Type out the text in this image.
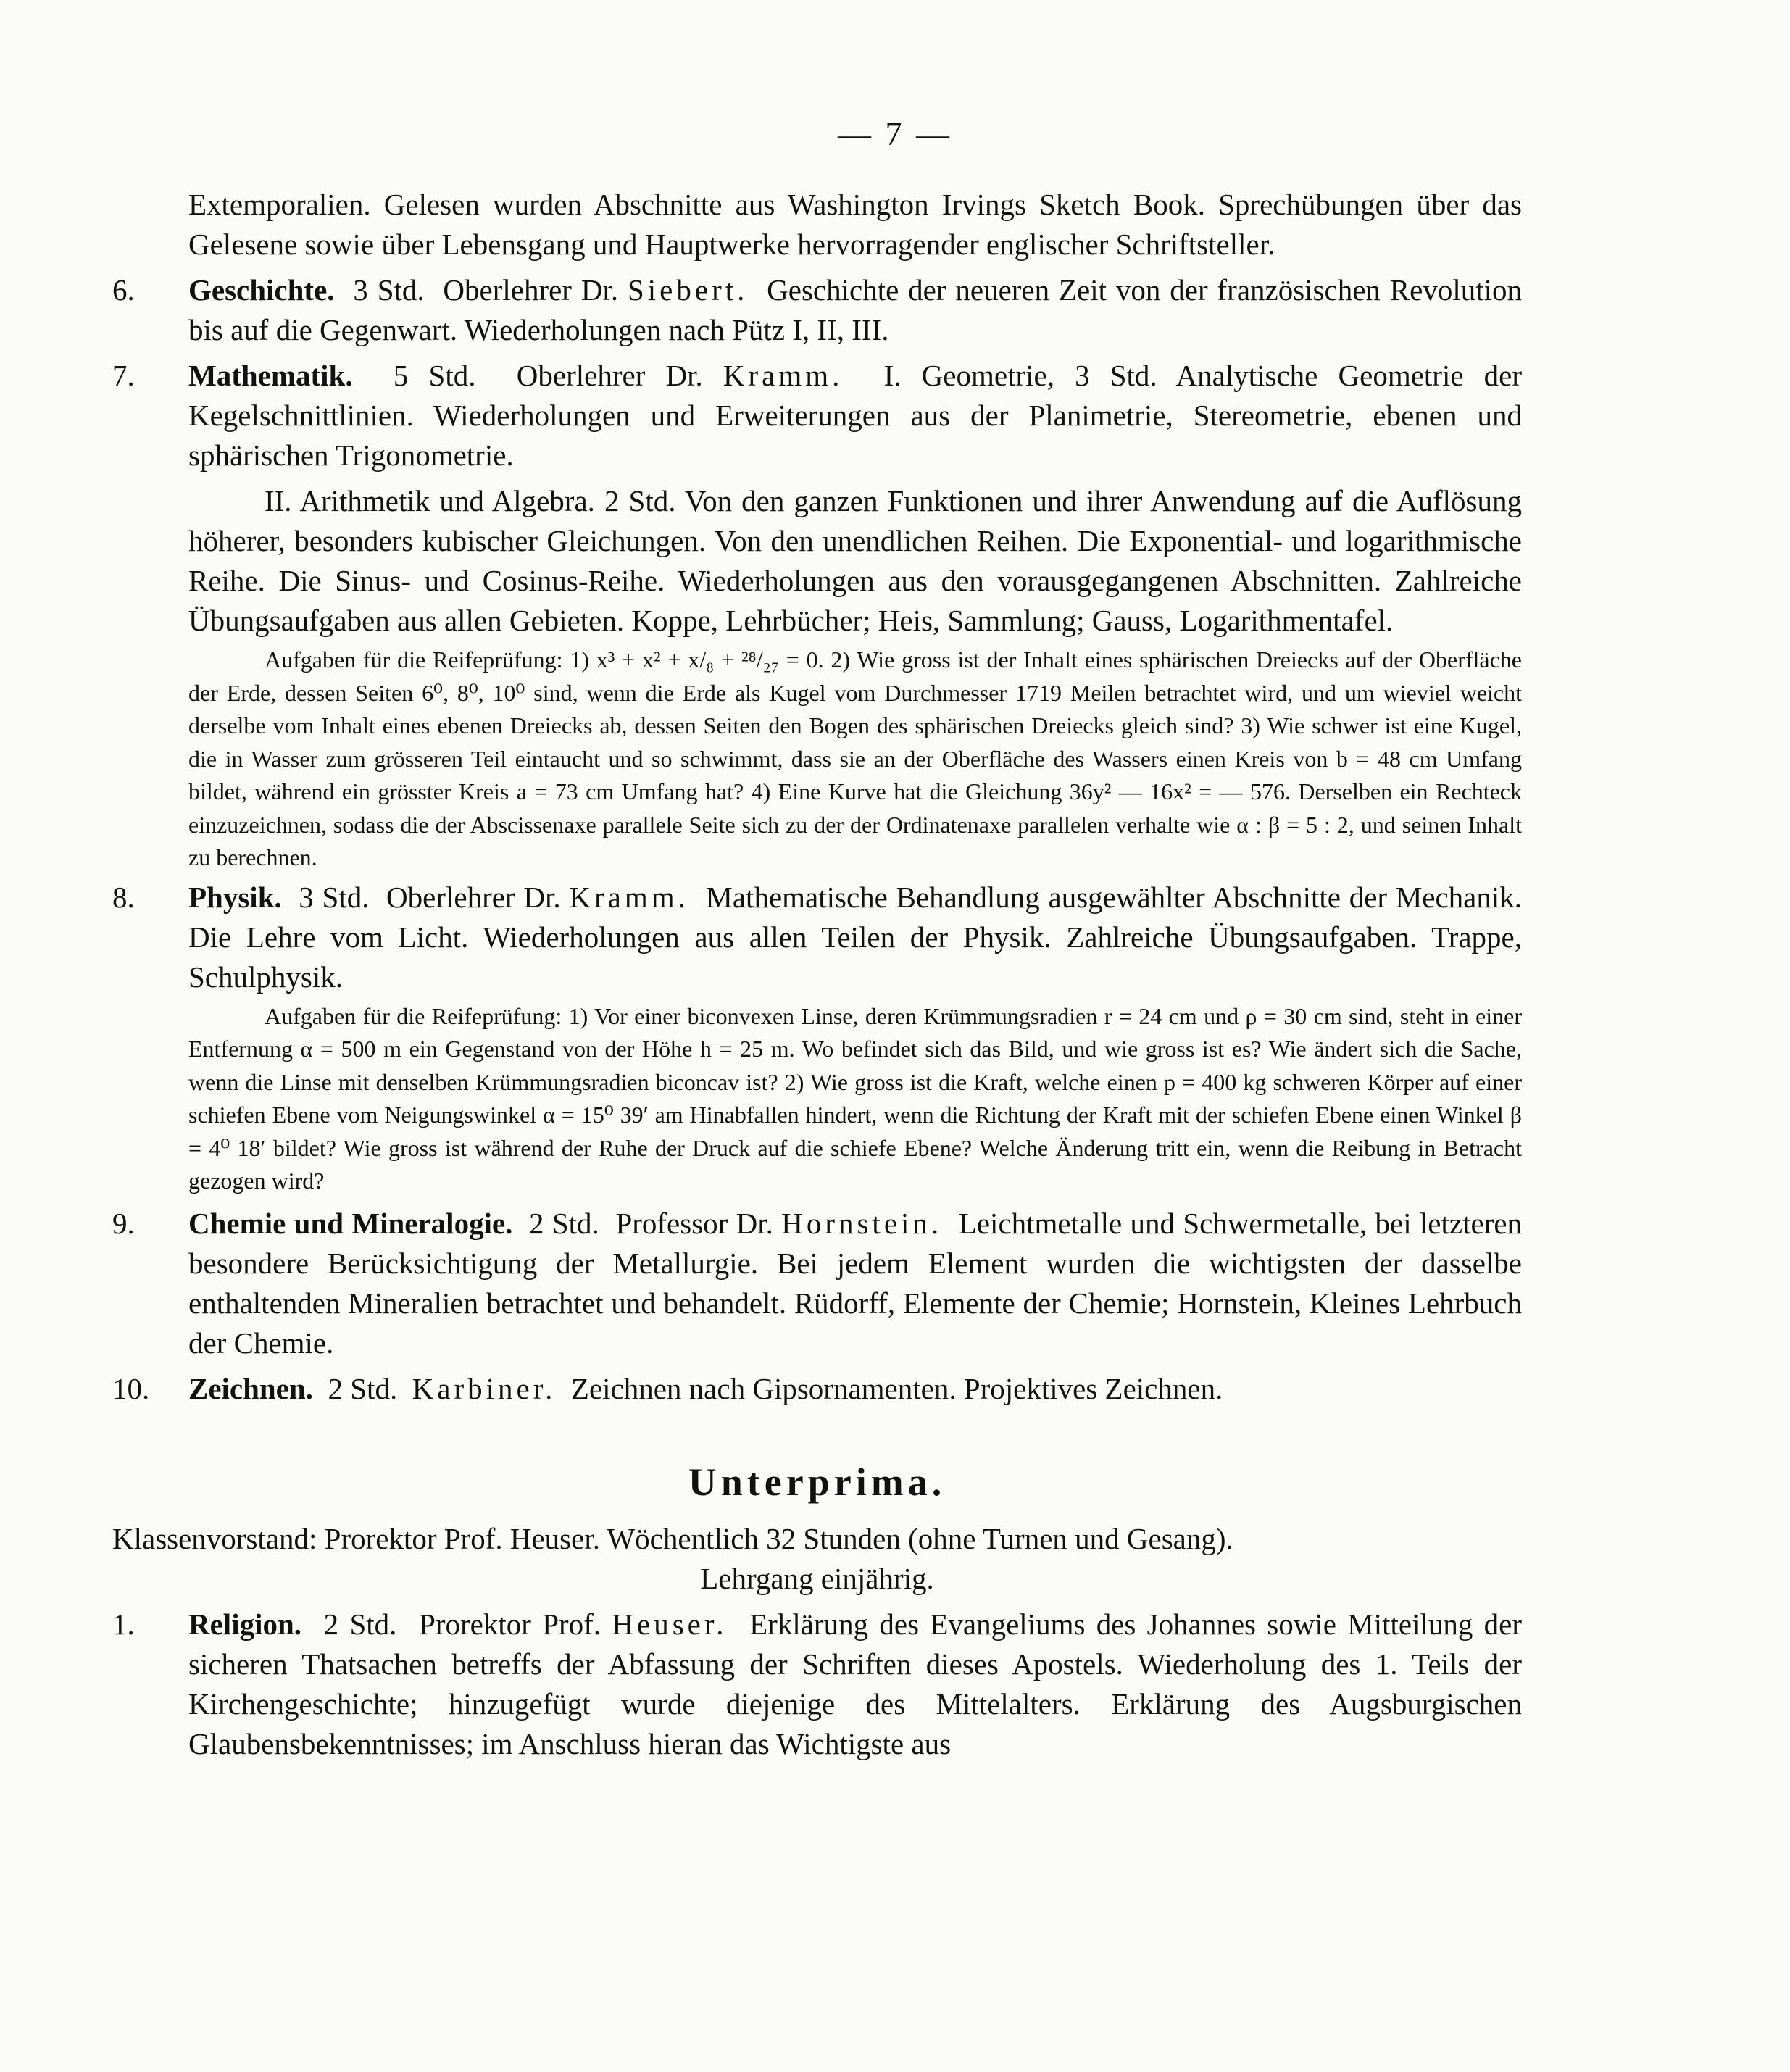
— 7 —

Extemporalien. Gelesen wurden Abschnitte aus Washington Irvings Sketch Book. Sprechübungen über das Gelesene sowie über Lebensgang und Hauptwerke hervorragender englischer Schriftsteller.

6. Geschichte. 3 Std. Oberlehrer Dr. Siebert. Geschichte der neueren Zeit von der französischen Revolution bis auf die Gegenwart. Wiederholungen nach Pütz I, II, III.

7. Mathematik. 5 Std. Oberlehrer Dr. Kramm. I. Geometrie, 3 Std. Analytische Geometrie der Kegelschnittlinien. Wiederholungen und Erweiterungen aus der Planimetrie, Stereometrie, ebenen und sphärischen Trigonometrie.

II. Arithmetik und Algebra. 2 Std. Von den ganzen Funktionen und ihrer Anwendung auf die Auflösung höherer, besonders kubischer Gleichungen. Von den unendlichen Reihen. Die Exponential- und logarithmische Reihe. Die Sinus- und Cosinus-Reihe. Wiederholungen aus den vorausgegangenen Abschnitten. Zahlreiche Übungsaufgaben aus allen Gebieten. Koppe, Lehrbücher; Heis, Sammlung; Gauss, Logarithmentafel.

Aufgaben für die Reifeprüfung: 1) x³ + x² + x/₈ + ²⁸/₂₇ = 0. 2) Wie gross ist der Inhalt eines sphärischen Dreiecks auf der Oberfläche der Erde, dessen Seiten 6⁰, 8⁰, 10⁰ sind, wenn die Erde als Kugel vom Durchmesser 1719 Meilen betrachtet wird, und um wieviel weicht derselbe vom Inhalt eines ebenen Dreiecks ab, dessen Seiten den Bogen des sphärischen Dreiecks gleich sind? 3) Wie schwer ist eine Kugel, die in Wasser zum grösseren Teil eintaucht und so schwimmt, dass sie an der Oberfläche des Wassers einen Kreis von b = 48 cm Umfang bildet, während ein grösster Kreis a = 73 cm Umfang hat? 4) Eine Kurve hat die Gleichung 36y² — 16x² = — 576. Derselben ein Rechteck einzuzeichnen, sodass die der Abscissenaxe parallele Seite sich zu der der Ordinatenaxe parallelen verhalte wie α : β = 5 : 2, und seinen Inhalt zu berechnen.

8. Physik. 3 Std. Oberlehrer Dr. Kramm. Mathematische Behandlung ausgewählter Abschnitte der Mechanik. Die Lehre vom Licht. Wiederholungen aus allen Teilen der Physik. Zahlreiche Übungsaufgaben. Trappe, Schulphysik.

Aufgaben für die Reifeprüfung: 1) Vor einer biconvexen Linse, deren Krümmungsradien r = 24 cm und ρ = 30 cm sind, steht in einer Entfernung α = 500 m ein Gegenstand von der Höhe h = 25 m. Wo befindet sich das Bild, und wie gross ist es? Wie ändert sich die Sache, wenn die Linse mit denselben Krümmungsradien biconcav ist? 2) Wie gross ist die Kraft, welche einen p = 400 kg schweren Körper auf einer schiefen Ebene vom Neigungswinkel α = 15⁰ 39′ am Hinabfallen hindert, wenn die Richtung der Kraft mit der schiefen Ebene einen Winkel β = 4⁰ 18′ bildet? Wie gross ist während der Ruhe der Druck auf die schiefe Ebene? Welche Änderung tritt ein, wenn die Reibung in Betracht gezogen wird?

9. Chemie und Mineralogie. 2 Std. Professor Dr. Hornstein. Leichtmetalle und Schwermetalle, bei letzteren besondere Berücksichtigung der Metallurgie. Bei jedem Element wurden die wichtigsten der dasselbe enthaltenden Mineralien betrachtet und behandelt. Rüdorff, Elemente der Chemie; Hornstein, Kleines Lehrbuch der Chemie.

10. Zeichnen. 2 Std. Karbiner. Zeichnen nach Gipsornamenten. Projektives Zeichnen.

Unterprima.

Klassenvorstand: Prorektor Prof. Heuser. Wöchentlich 32 Stunden (ohne Turnen und Gesang).

Lehrgang einjährig.

1. Religion. 2 Std. Prorektor Prof. Heuser. Erklärung des Evangeliums des Johannes sowie Mitteilung der sicheren Thatsachen betreffs der Abfassung der Schriften dieses Apostels. Wiederholung des 1. Teils der Kirchengeschichte; hinzugefügt wurde diejenige des Mittelalters. Erklärung des Augsburgischen Glaubensbekenntnisses; im Anschluss hieran das Wichtigste aus
